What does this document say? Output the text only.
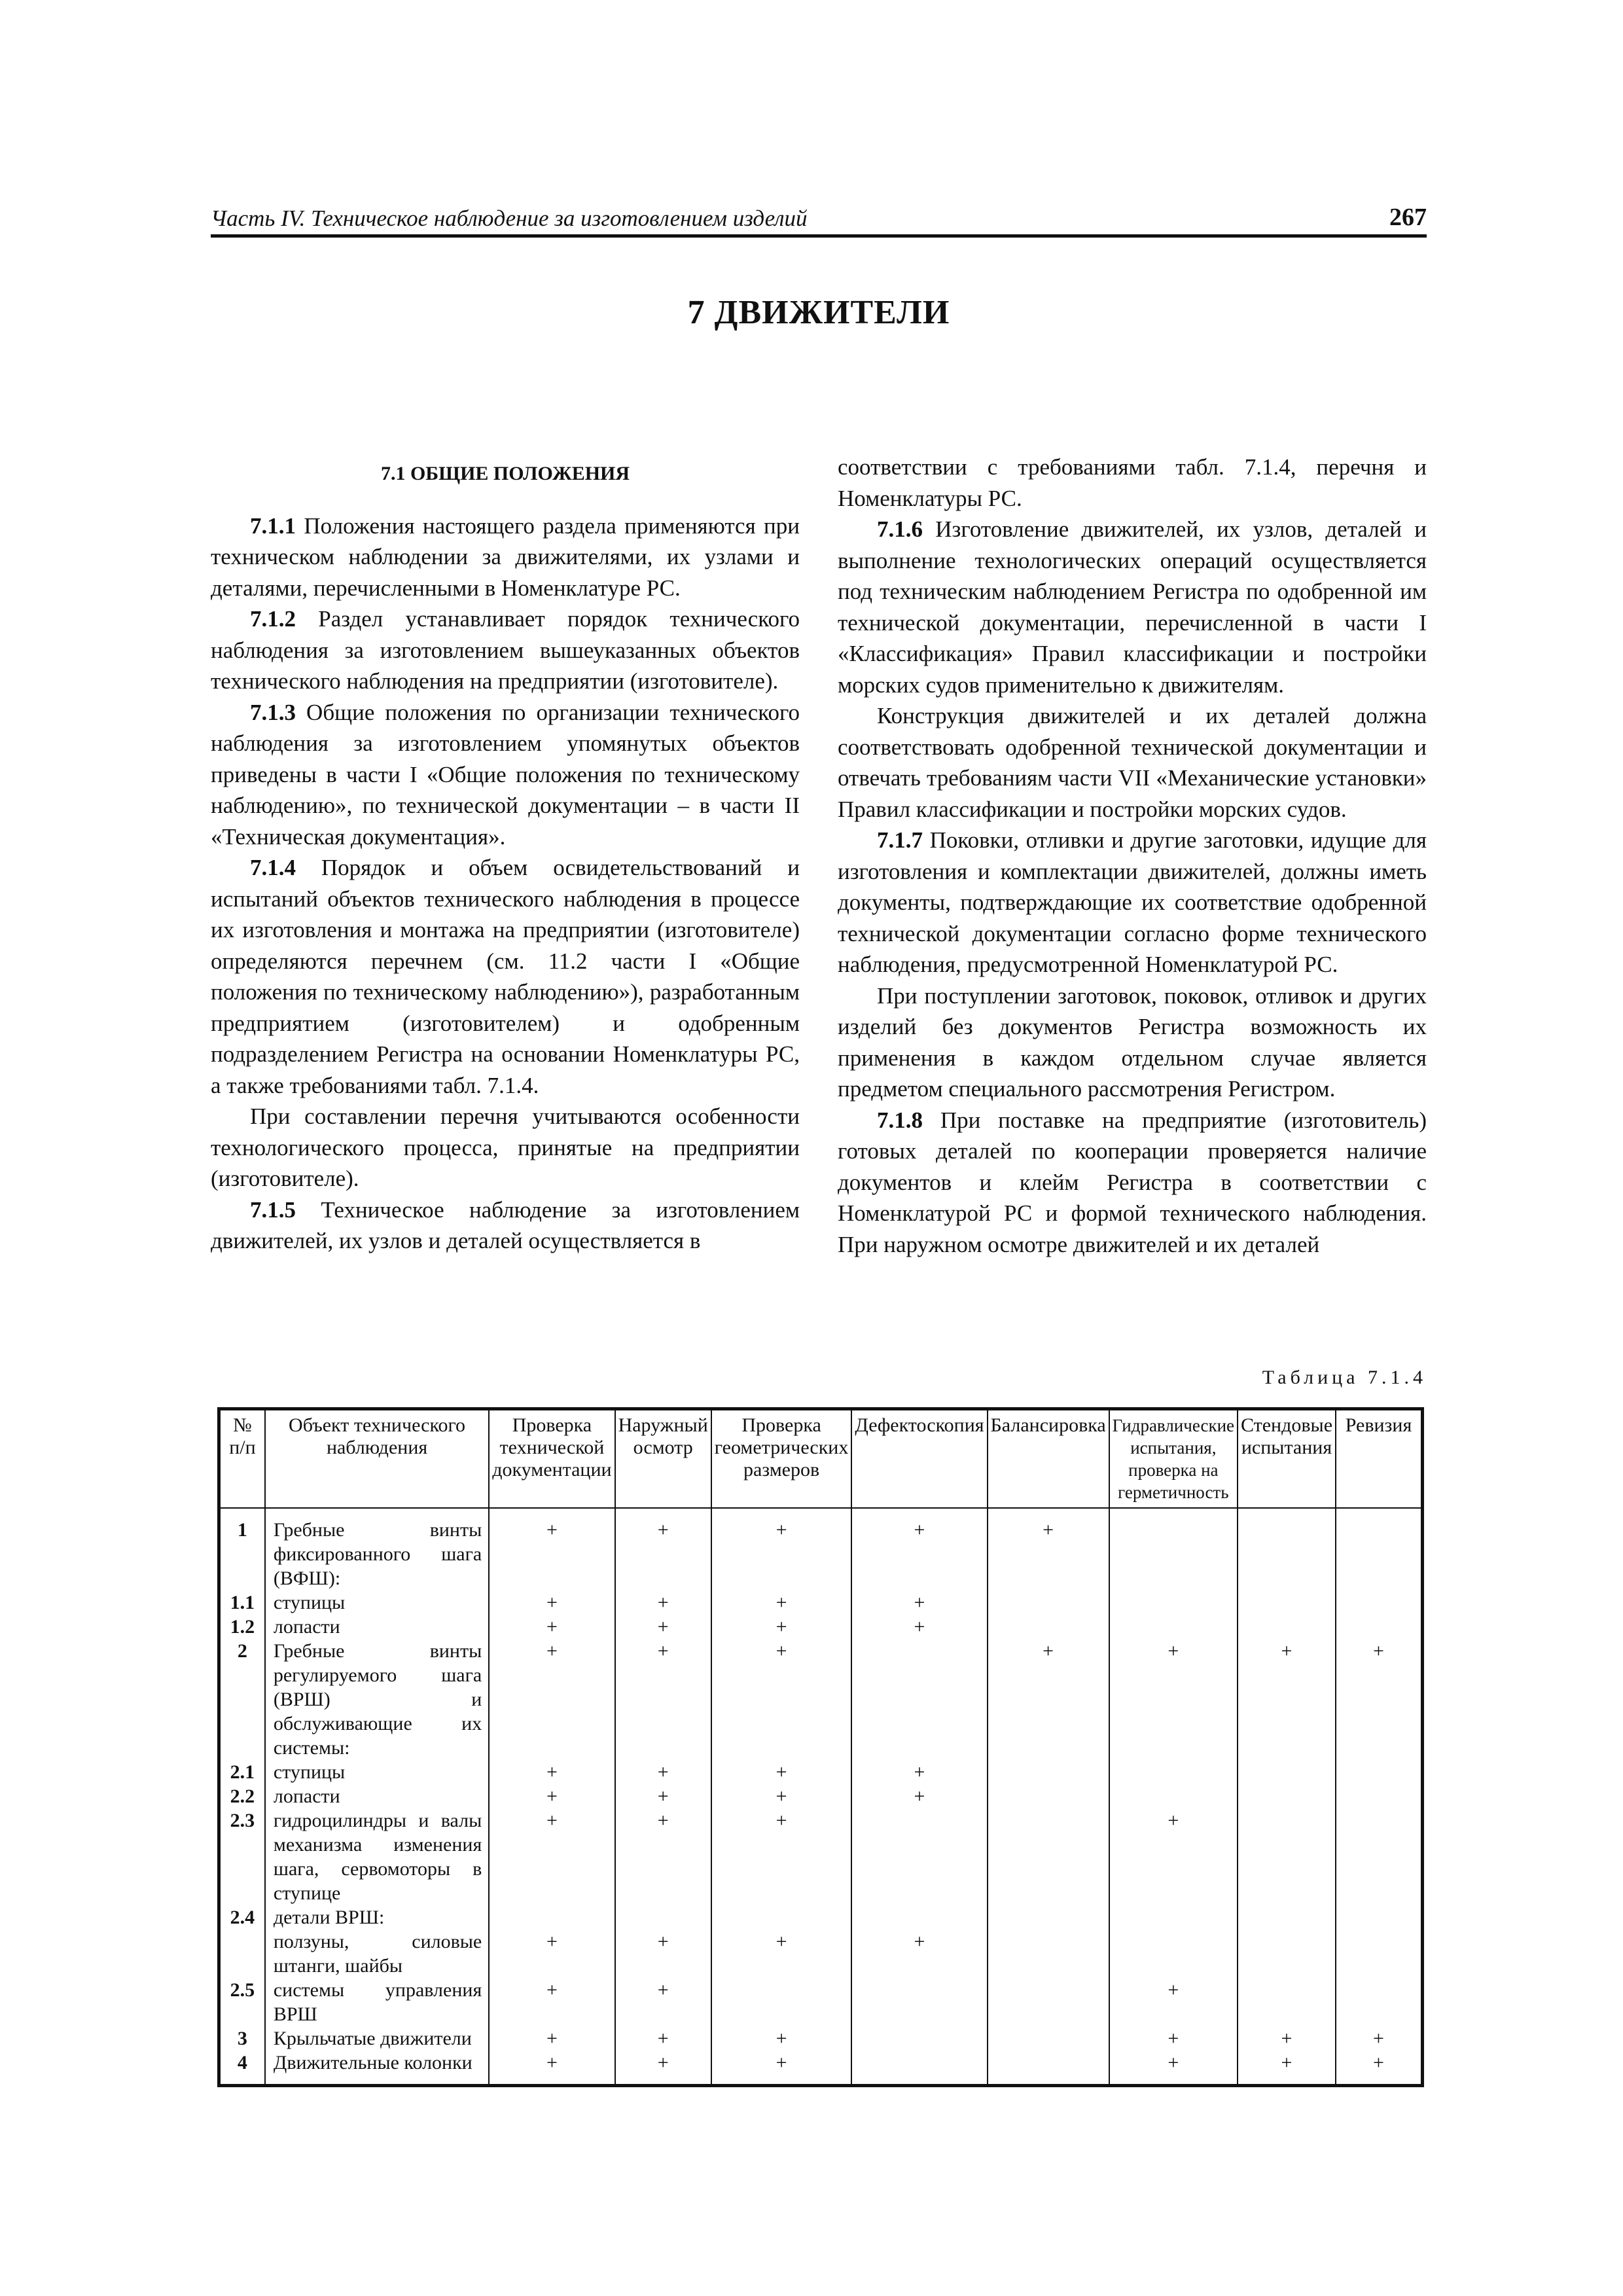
Часть IV. Техническое наблюдение за изготовлением изделий	267
7 ДВИЖИТЕЛИ
7.1 ОБЩИЕ ПОЛОЖЕНИЯ

7.1.1 Положения настоящего раздела применяются при техническом наблюдении за движителями, их узлами и деталями, перечисленными в Номенклатуре РС.

7.1.2 Раздел устанавливает порядок технического наблюдения за изготовлением вышеуказанных объектов технического наблюдения на предприятии (изготовителе).

7.1.3 Общие положения по организации технического наблюдения за изготовлением упомянутых объектов приведены в части I «Общие положения по техническому наблюдению», по технической документации – в части II «Техническая документация».

7.1.4 Порядок и объем освидетельствований и испытаний объектов технического наблюдения в процессе их изготовления и монтажа на предприятии (изготовителе) определяются перечнем (см. 11.2 части I «Общие положения по техническому наблюдению»), разработанным предприятием (изготовителем) и одобренным подразделением Регистра на основании Номенклатуры РС, а также требованиями табл. 7.1.4.

При составлении перечня учитываются особенности технологического процесса, принятые на предприятии (изготовителе).

7.1.5 Техническое наблюдение за изготовлением движителей, их узлов и деталей осуществляется в

соответствии с требованиями табл. 7.1.4, перечня и Номенклатуры РС.

7.1.6 Изготовление движителей, их узлов, деталей и выполнение технологических операций осуществляется под техническим наблюдением Регистра по одобренной им технической документации, перечисленной в части I «Классификация» Правил классификации и постройки морских судов применительно к движителям.

Конструкция движителей и их деталей должна соответствовать одобренной технической документации и отвечать требованиям части VII «Механические установки» Правил классификации и постройки морских судов.

7.1.7 Поковки, отливки и другие заготовки, идущие для изготовления и комплектации движителей, должны иметь документы, подтверждающие их соответствие одобренной технической документации согласно форме технического наблюдения, предусмотренной Номенклатурой РС.

При поступлении заготовок, поковок, отливок и других изделий без документов Регистра возможность их применения в каждом отдельном случае является предметом специального рассмотрения Регистром.

7.1.8 При поставке на предприятие (изготовитель) готовых деталей по кооперации проверяется наличие документов и клейм Регистра в соответствии с Номенклатурой РС и формой технического наблюдения. При наружном осмотре движителей и их деталей

Таблица 7.1.4
№ п/п	Объект технического наблюдения	Проверка технической документации	Наружный осмотр	Проверка геометрических размеров	Дефектоскопия	Балансировка	Гидравлические испытания, проверка на герметичность	Стендовые испытания	Ревизия
1	Гребные винты фиксированного шага (ВФШ):	+	+	+	+	+			
1.1	ступицы	+	+	+	+				
1.2	лопасти	+	+	+	+				
2	Гребные винты регулируемого шага (ВРШ) и обслуживающие их системы:	+	+	+		+	+	+	+
2.1	ступицы	+	+	+	+				
2.2	лопасти	+	+	+	+				
2.3	гидроцилиндры и валы механизма изменения шага, сервомоторы в ступице	+	+	+			+		
2.4	детали ВРШ:								
	ползуны, силовые штанги, шайбы	+	+	+	+				
2.5	системы управления ВРШ	+	+				+		
3	Крыльчатые движители	+	+	+			+	+	+
4	Движительные колонки	+	+	+			+	+	+
